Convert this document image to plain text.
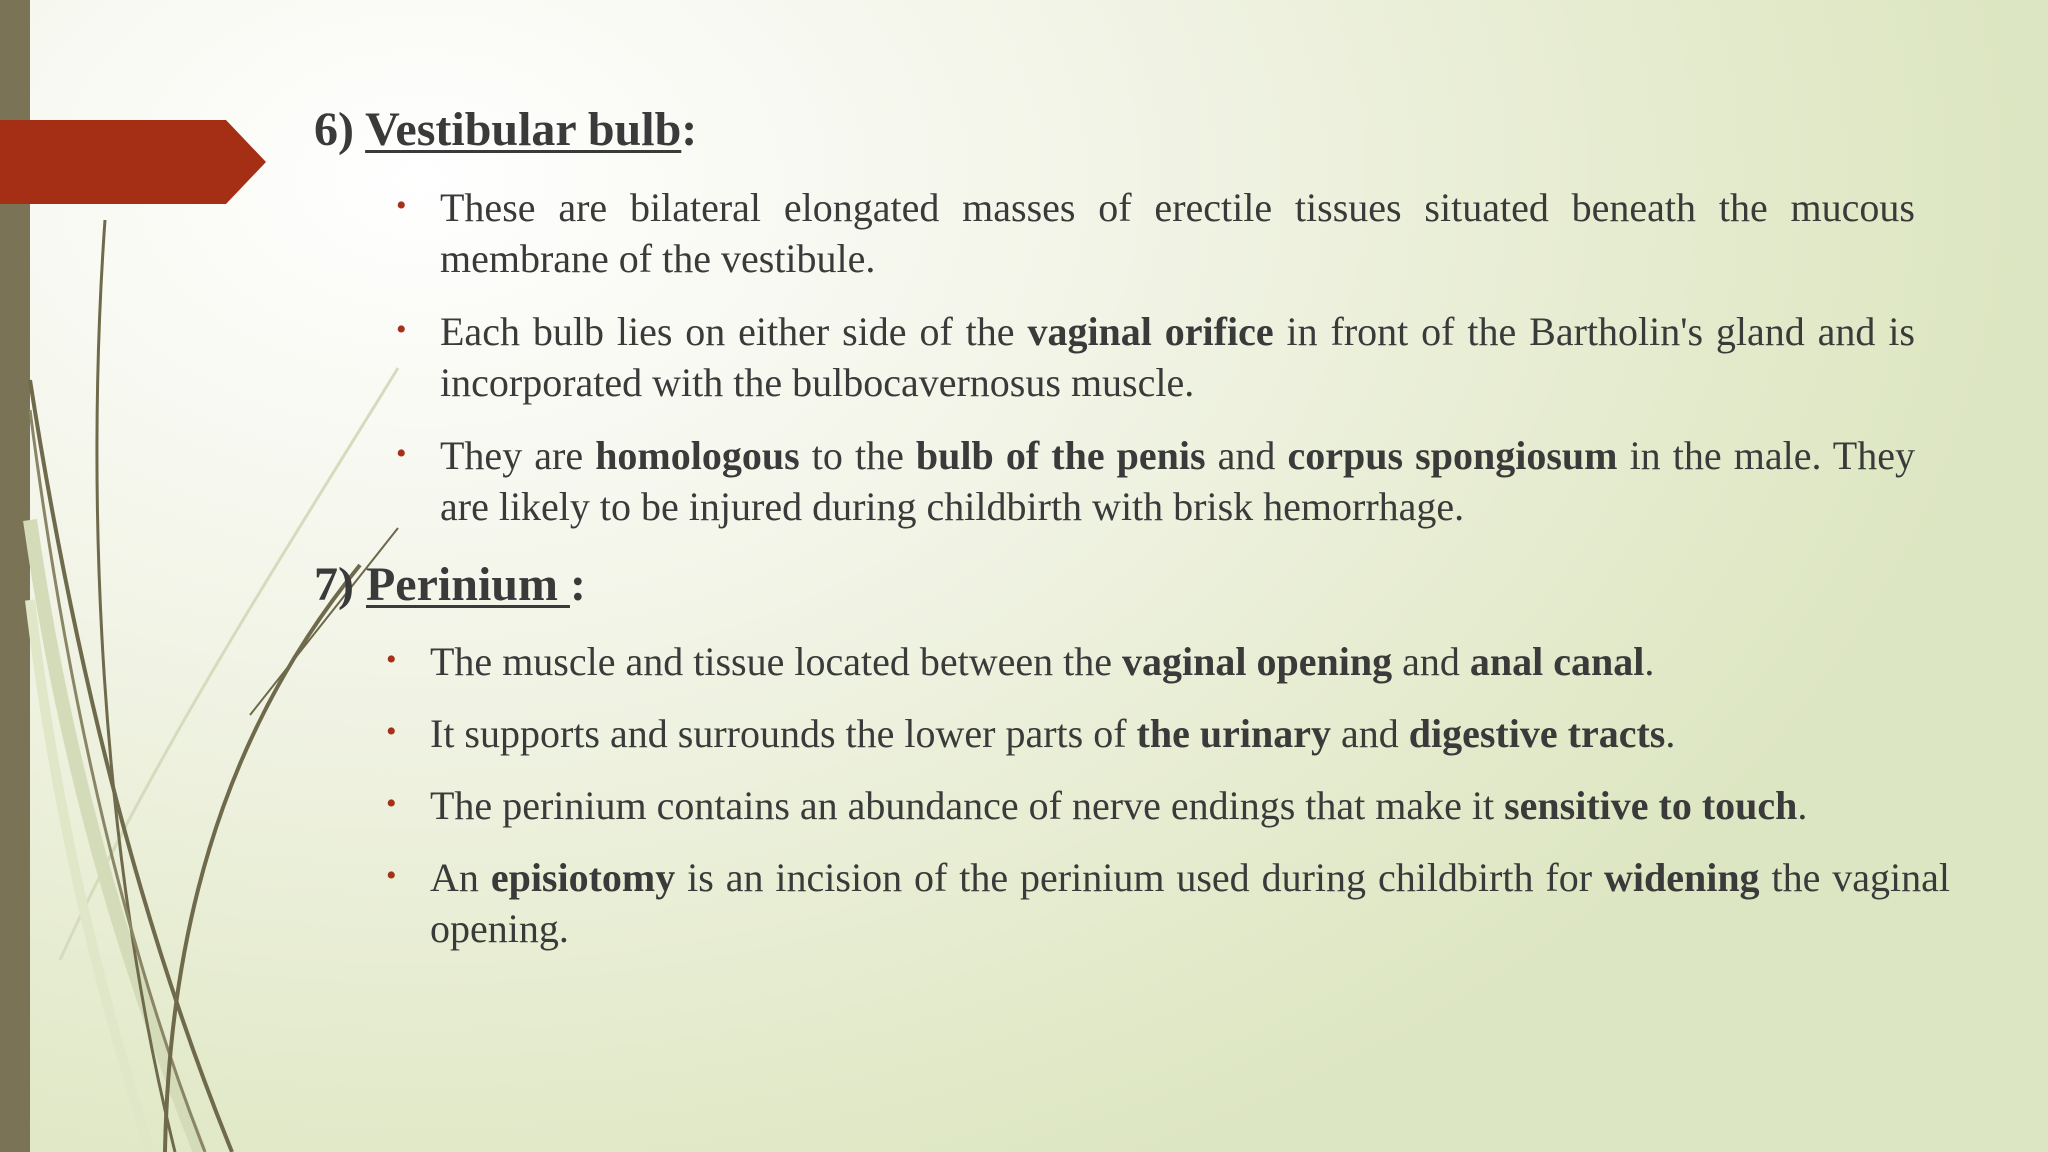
6) Vestibular bulb:
• These are bilateral elongated masses of erectile tissues situated beneath the mucous membrane of the vestibule.
• Each bulb lies on either side of the vaginal orifice in front of the Bartholin's gland and is incorporated with the bulbocavernosus muscle.
• They are homologous to the bulb of the penis and corpus spongiosum in the male. They are likely to be injured during childbirth with brisk hemorrhage.
7) Perinium :
• The muscle and tissue located between the vaginal opening and anal canal.
• It supports and surrounds the lower parts of the urinary and digestive tracts.
• The perinium contains an abundance of nerve endings that make it sensitive to touch.
• An episiotomy is an incision of the perinium used during childbirth for widening the vaginal opening.
